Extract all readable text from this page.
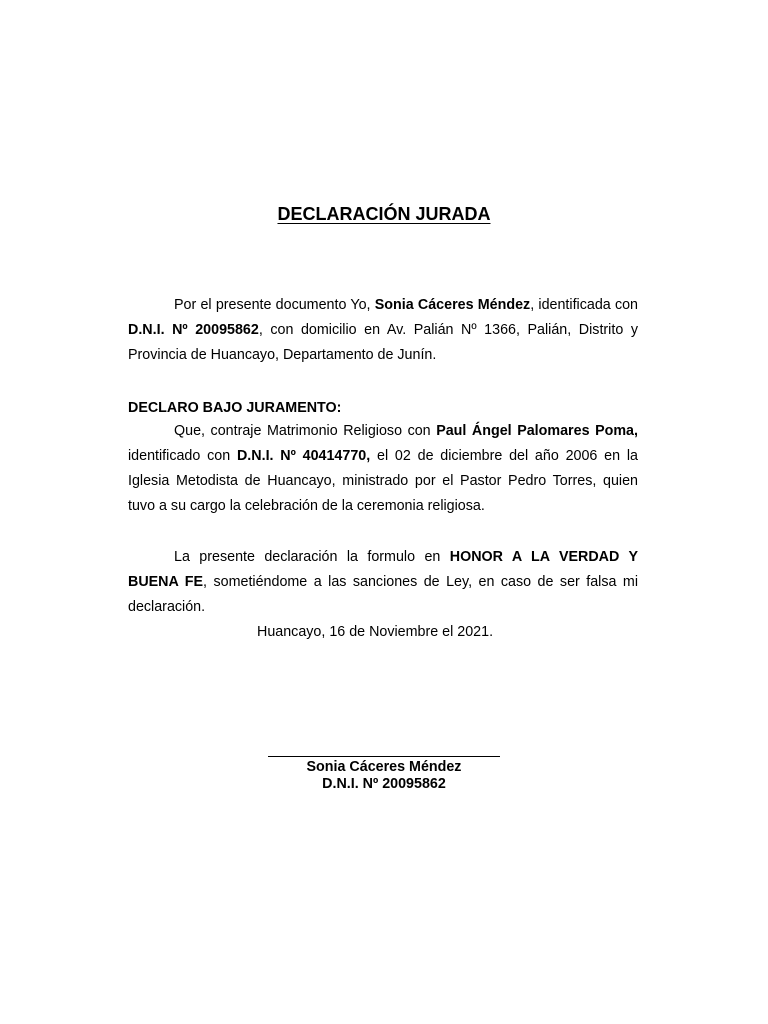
DECLARACIÓN JURADA

Por el presente documento Yo, Sonia Cáceres Méndez, identificada con D.N.I. Nº 20095862, con domicilio en Av. Palián Nº 1366, Palián, Distrito y Provincia de Huancayo, Departamento de Junín.

DECLARO BAJO JURAMENTO:

Que, contraje Matrimonio Religioso con Paul Ángel Palomares Poma, identificado con D.N.I. Nº 40414770, el 02 de diciembre del año 2006 en la Iglesia Metodista de Huancayo, ministrado por el Pastor Pedro Torres, quien tuvo a su cargo la celebración de la ceremonia religiosa.

La presente declaración la formulo en HONOR A LA VERDAD Y BUENA FE, sometiéndome a las sanciones de Ley, en caso de ser falsa mi declaración.

Huancayo, 16 de Noviembre el 2021.
Sonia Cáceres Méndez
D.N.I. Nº 20095862
